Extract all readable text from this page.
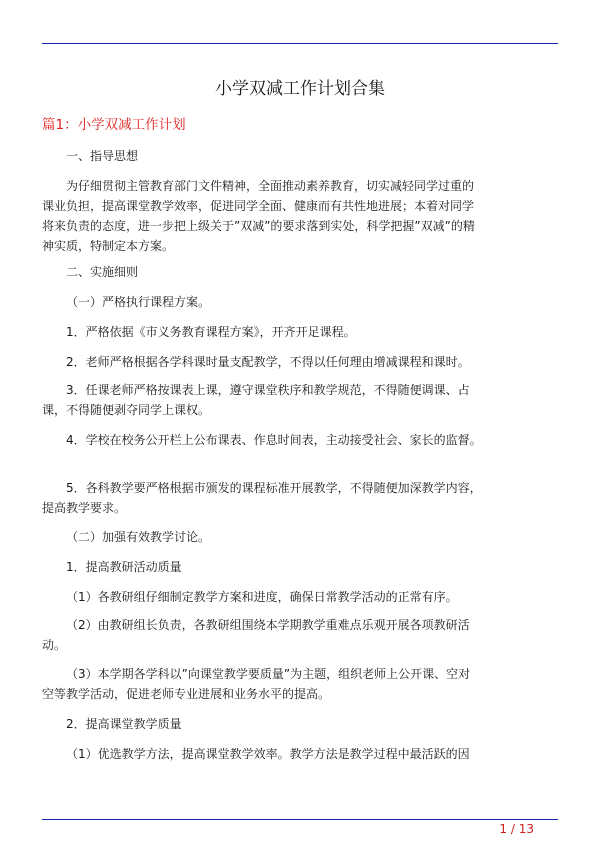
小学双减工作计划合集
篇1：小学双减工作计划

一、指导思想

为仔细贯彻主管教育部门文件精神，全面推动素养教育，切实减轻同学过重的课业负担，提高课堂教学效率，促进同学全面、健康而有共性地进展；本着对同学将来负责的态度，进一步把上级关于”双减”的要求落到实处，科学把握”双减”的精神实质，特制定本方案。

二、实施细则

（一）严格执行课程方案。

1．严格依据《市义务教育课程方案》，开齐开足课程。

2．老师严格根据各学科课时量支配教学，不得以任何理由增减课程和课时。

3．任课老师严格按课表上课，遵守课堂秩序和教学规范，不得随便调课、占课，不得随便剥夺同学上课权。

4．学校在校务公开栏上公布课表、作息时间表，主动接受社会、家长的监督。

5．各科教学要严格根据市颁发的课程标准开展教学，不得随便加深教学内容，提高教学要求。

（二）加强有效教学讨论。

1．提高教研活动质量

（1）各教研组仔细制定教学方案和进度，确保日常教学活动的正常有序。

（2）由教研组长负责，各教研组围绕本学期教学重难点乐观开展各项教研活动。

（3）本学期各学科以”向课堂教学要质量”为主题，组织老师上公开课、空对空等教学活动，促进老师专业进展和业务水平的提高。

2．提高课堂教学质量

（1）优选教学方法，提高课堂教学效率。教学方法是教学过程中最活跃的因

1 / 13
